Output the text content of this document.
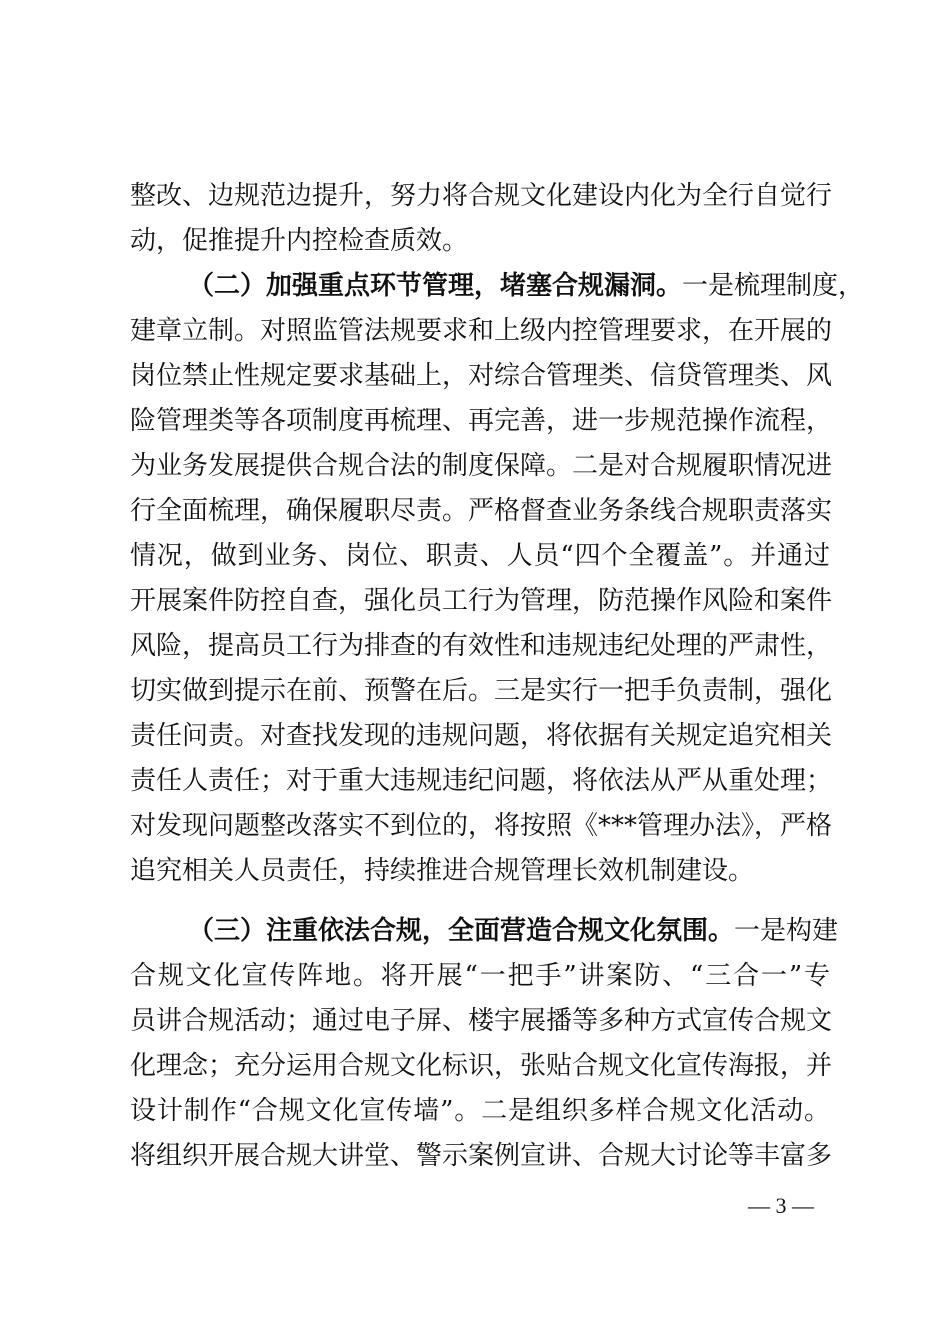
整改、边规范边提升，努力将合规文化建设内化为全行自觉行
动，促推提升内控检查质效。
（二）加强重点环节管理，堵塞合规漏洞。一是梳理制度，
建章立制。对照监管法规要求和上级内控管理要求，在开展的
岗位禁止性规定要求基础上，对综合管理类、信贷管理类、风
险管理类等各项制度再梳理、再完善，进一步规范操作流程，
为业务发展提供合规合法的制度保障。二是对合规履职情况进
行全面梳理，确保履职尽责。严格督查业务条线合规职责落实
情况，做到业务、岗位、职责、人员“四个全覆盖”。并通过
开展案件防控自查，强化员工行为管理，防范操作风险和案件
风险，提高员工行为排查的有效性和违规违纪处理的严肃性，
切实做到提示在前、预警在后。三是实行一把手负责制，强化
责任问责。对查找发现的违规问题，将依据有关规定追究相关
责任人责任；对于重大违规违纪问题，将依法从严从重处理；
对发现问题整改落实不到位的，将按照《***管理办法》，严格
追究相关人员责任，持续推进合规管理长效机制建设。
（三）注重依法合规，全面营造合规文化氛围。一是构建
合规文化宣传阵地。将开展“一把手”讲案防、“三合一”专
员讲合规活动；通过电子屏、楼宇展播等多种方式宣传合规文
化理念；充分运用合规文化标识，张贴合规文化宣传海报，并
设计制作“合规文化宣传墙”。二是组织多样合规文化活动。
将组织开展合规大讲堂、警示案例宣讲、合规大讨论等丰富多
— 3 —
